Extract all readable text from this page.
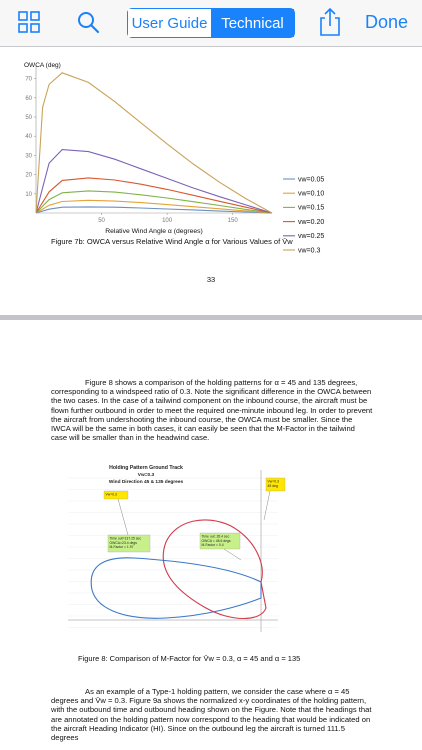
User Guide Technical	Done
OWCA (deg)
10
20
30
40
50
60
70
50	100	150
Relative Wind Angle α (degrees)
vw=0.05
vw=0.10
vw=0.15
vw=0.20
vw=0.25
vw=0.3
Figure 7b: OWCA versus Relative Wind Angle α for Various Values of V̄w
33
Figure 8 shows a comparison of the holding patterns for α = 45 and 135 degrees, corresponding to a windspeed ratio of 0.3. Note the significant difference in the OWCA between the two cases. In the case of a tailwind component on the inbound course, the aircraft must be flown further outbound in order to meet the required one-minute inbound leg. In order to prevent the aircraft from undershooting the inbound course, the OWCA must be smaller. Since the IWCA will be the same in both cases, it can easily be seen that the M-Factor in the tailwind case will be smaller than in the headwind case.
Holding Pattern Ground Track
Vw=0.3
Wind Direction 45 & 135 degrees
Vw=0.3
Vw=0.3
45 deg
Time out=137.25 sec
OWCA=23.4 degs
M-Factor = 1.97
Time out: 35.4 sec
OWCA = 48.6 degs
M-Factor = 0.4
Figure 8: Comparison of M-Factor for V̄w = 0.3, α = 45 and α = 135
As an example of a Type-1 holding pattern, we consider the case where α = 45 degrees and V̄w = 0.3. Figure 9a shows the normalized x-y coordinates of the holding pattern, with the outbound time and outbound heading shown on the Figure. Note that the headings that are annotated on the holding pattern now correspond to the heading that would be indicated on the aircraft Heading Indicator (HI). Since on the outbound leg the aircraft is turned 111.5 degrees
